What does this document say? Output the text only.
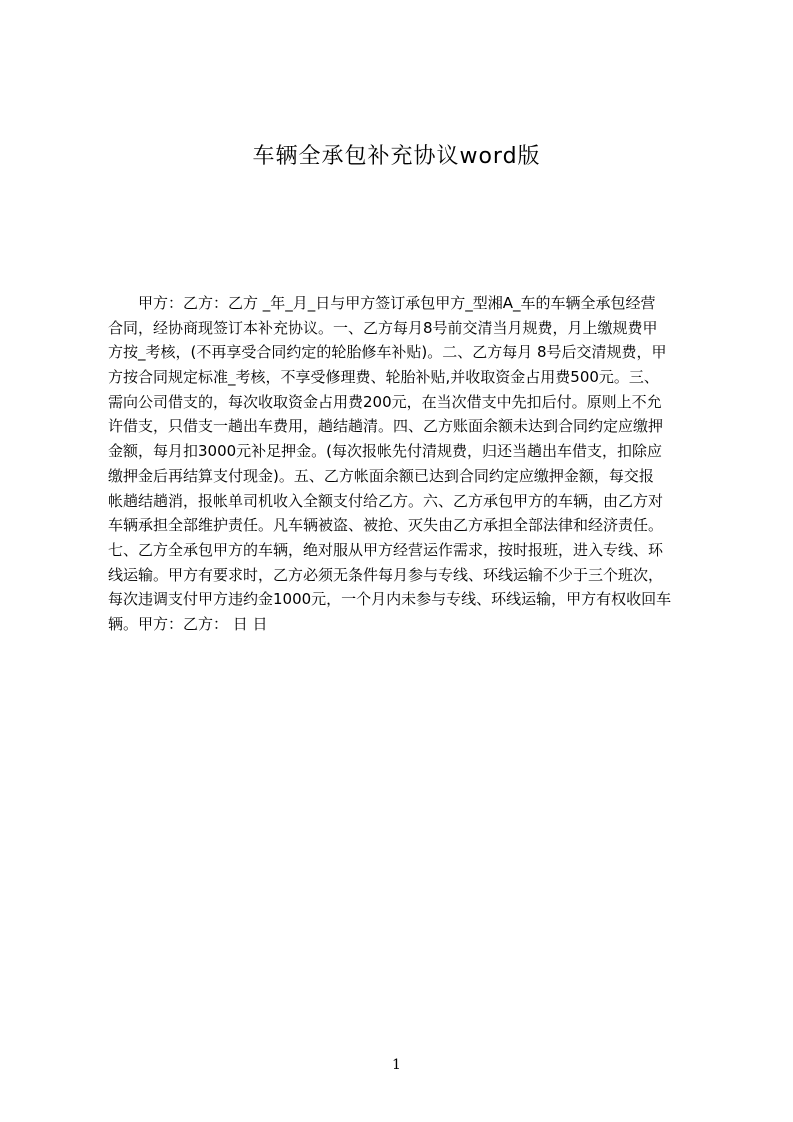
车辆全承包补充协议word版
甲方：乙方：乙方 _年_月_日与甲方签订承包甲方_型湘A_车的车辆全承包经营
合同，经协商现签订本补充协议。一、乙方每月8号前交清当月规费，月上缴规费甲
方按_考核，(不再享受合同约定的轮胎修车补贴)。二、乙方每月 8号后交清规费，甲
方按合同规定标准_考核，不享受修理费、轮胎补贴,并收取资金占用费500元。三、
需向公司借支的，每次收取资金占用费200元，在当次借支中先扣后付。原则上不允
许借支，只借支一趟出车费用，趟结趟清。四、乙方账面余额未达到合同约定应缴押
金额，每月扣3000元补足押金。(每次报帐先付清规费，归还当趟出车借支，扣除应
缴押金后再结算支付现金)。五、乙方帐面余额已达到合同约定应缴押金额，每交报
帐趟结趟消，报帐单司机收入全额支付给乙方。六、乙方承包甲方的车辆，由乙方对
车辆承担全部维护责任。凡车辆被盗、被抢、灭失由乙方承担全部法律和经济责任。
七、乙方全承包甲方的车辆，绝对服从甲方经营运作需求，按时报班，进入专线、环
线运输。甲方有要求时，乙方必须无条件每月参与专线、环线运输不少于三个班次，
每次违调支付甲方违约金1000元，一个月内未参与专线、环线运输，甲方有权收回车
辆。甲方：乙方： 日 日
1
